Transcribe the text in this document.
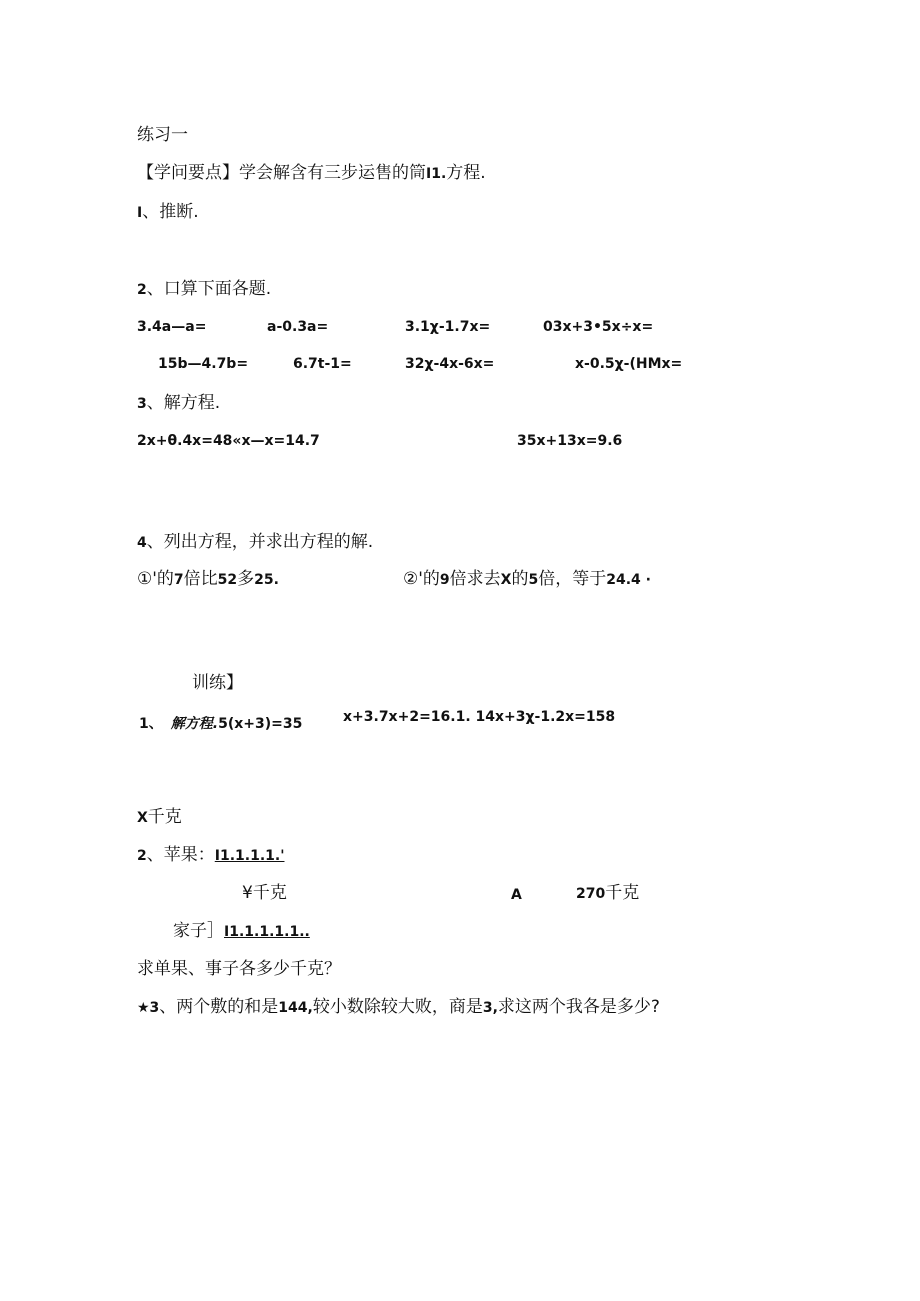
练习一
【学问要点】学会解含有三步运售的筒I1.方程.
I、推断.
2、口算下面各题.
3.4a—a=	a-0.3a=	3.1χ-1.7x=	03x+3•5x÷x=
15b—4.7b=	6.7t-1=	32χ-4x-6x=	x-0.5χ-(HMx=
3、解方程.
2x+θ.4x=48«x—x=14.7	35x+13x=9.6
4、列出方程，并求出方程的解.
①'的7倍比52多25.	②'的9倍求去X的5倍，等于24.4 ·
训练】
1、 解方程.5(x+3)=35	x+3.7x+2=16.1. 14x+3χ-1.2x=158
X千克
2、苹果：I1.1.1.1.'
¥千克	A	270千克
家子］I1.1.1.1.1..
求单果、事子各多少千克？
★3、两个敷的和是144,较小数除较大败，商是3,求这两个我各是多少?
